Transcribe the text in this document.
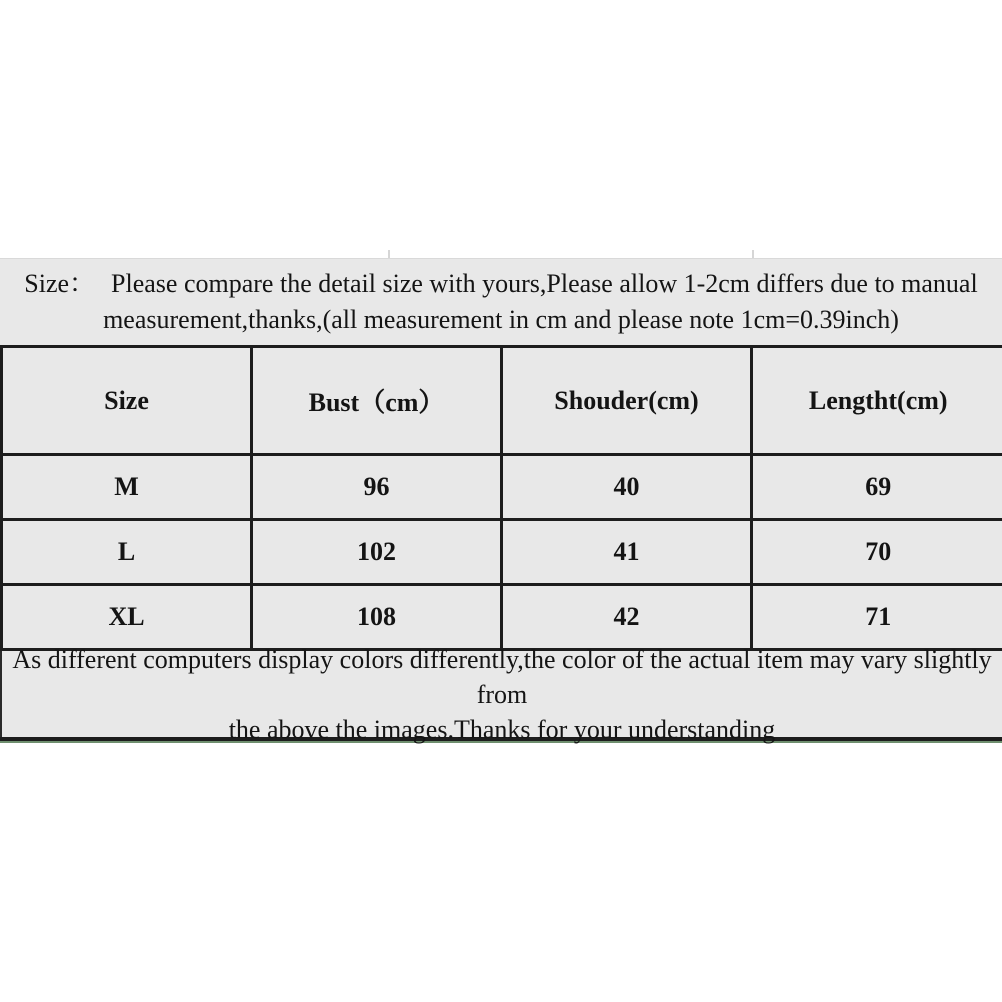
Size： Please compare the detail size with yours,Please allow 1-2cm differs due to manual

measurement,thanks,(all measurement in cm and please note 1cm=0.39inch)

Size	Bust（cm）	Shouder(cm)	Lengtht(cm)
M	96	40	69
L	102	41	70
XL	108	42	71

As different computers display colors differently,the color of the actual item may vary slightly from

the above the images.Thanks for your understanding
